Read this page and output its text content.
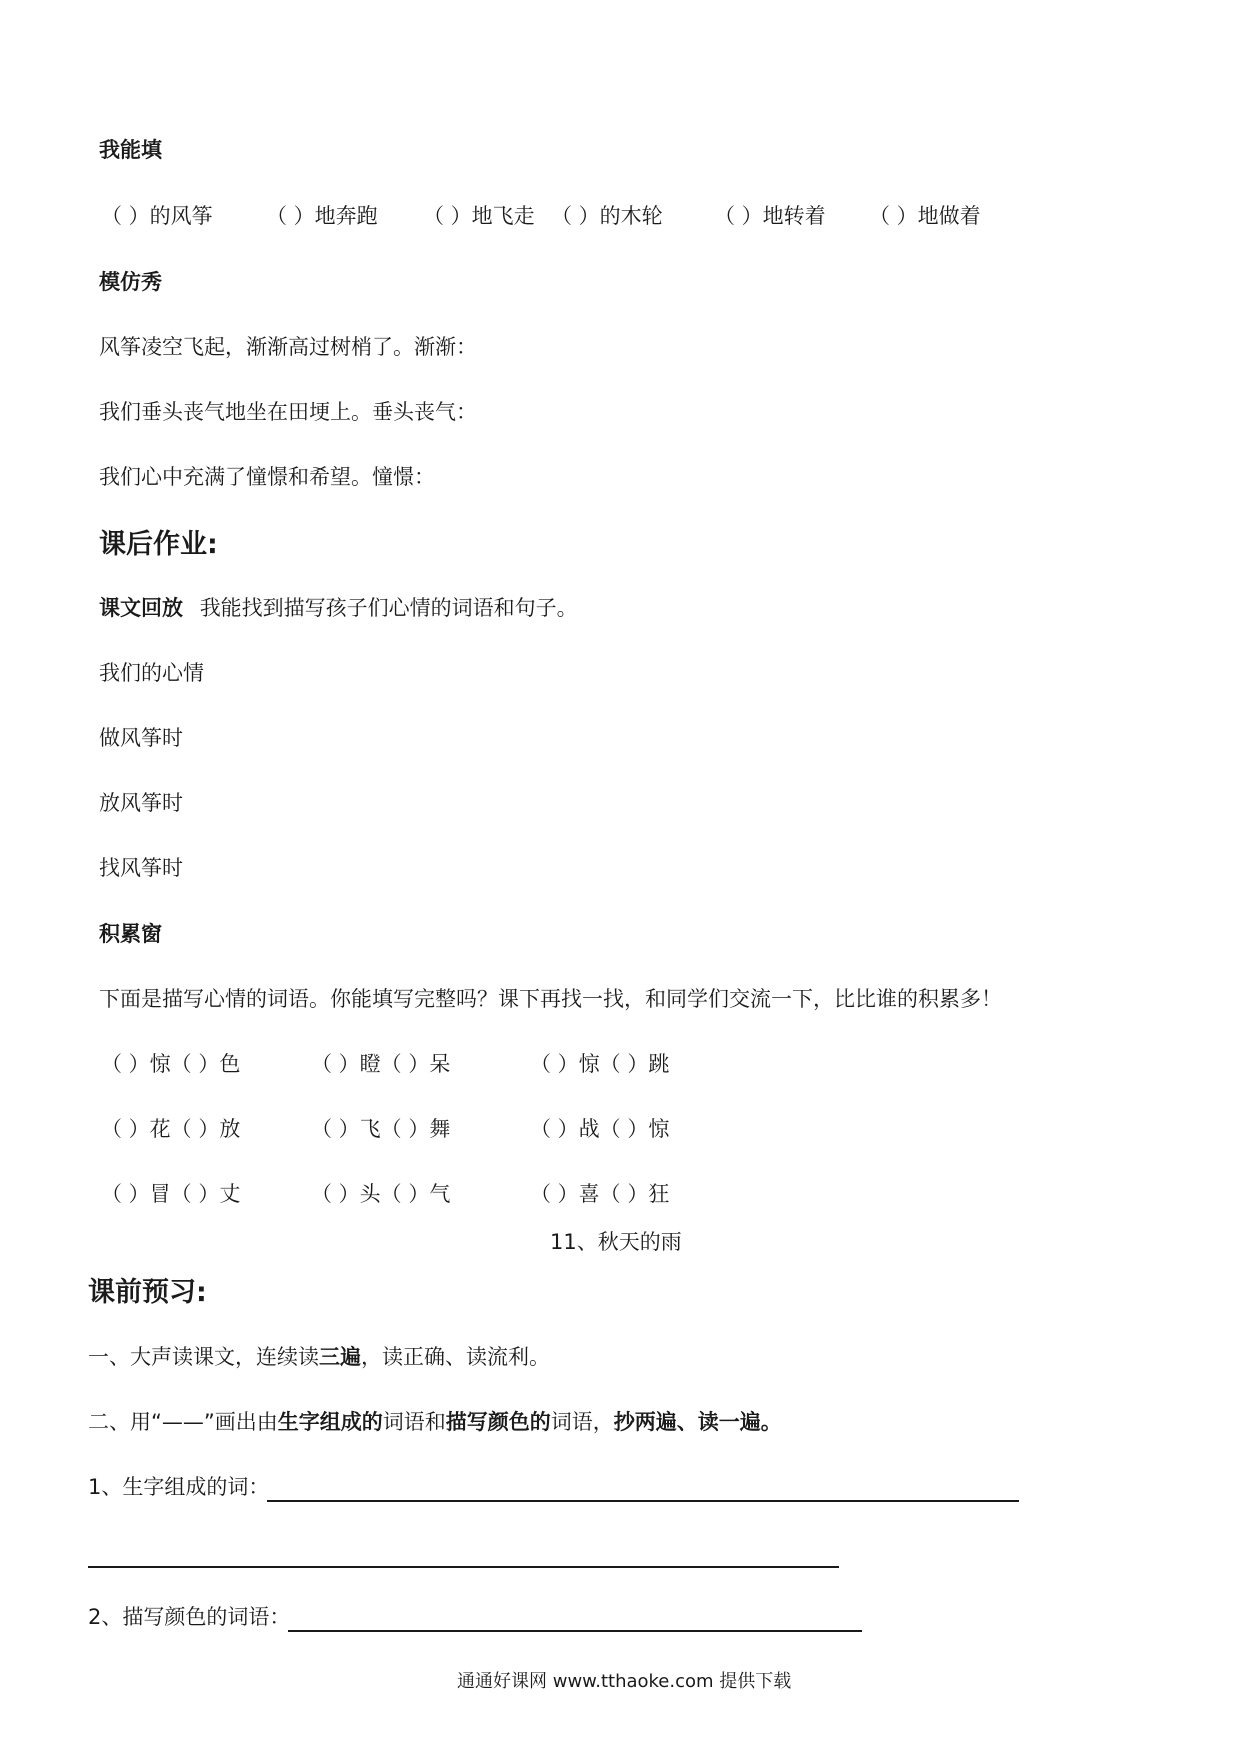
我能填
（ ）的风筝	（ ）地奔跑 （ ）地飞走 （ ）的木轮 （ ）地转着 （ ）地做着
模仿秀
风筝凌空飞起，渐渐高过树梢了。渐渐：
我们垂头丧气地坐在田埂上。垂头丧气：
我们心中充满了憧憬和希望。憧憬：
课后作业:
课文回放 我能找到描写孩子们心情的词语和句子。
我们的心情
做风筝时
放风筝时
找风筝时
积累窗
下面是描写心情的词语。你能填写完整吗？课下再找一找，和同学们交流一下，比比谁的积累多！
（ ）惊（ ）色	（ ）瞪（ ）呆	（ ）惊（ ）跳
（ ）花（ ）放	（ ）飞（ ）舞	（ ）战（ ）惊
（ ）冒（ ）丈	（ ）头（ ）气	（ ）喜（ ）狂
11、秋天的雨
课前预习:
一、大声读课文，连续读三遍，读正确、读流利。
二、用“——”画出由生字组成的词语和描写颜色的词语，抄两遍、读一遍。
1、生字组成的词：
2、描写颜色的词语：
通通好课网 www.tthaoke.com 提供下载
